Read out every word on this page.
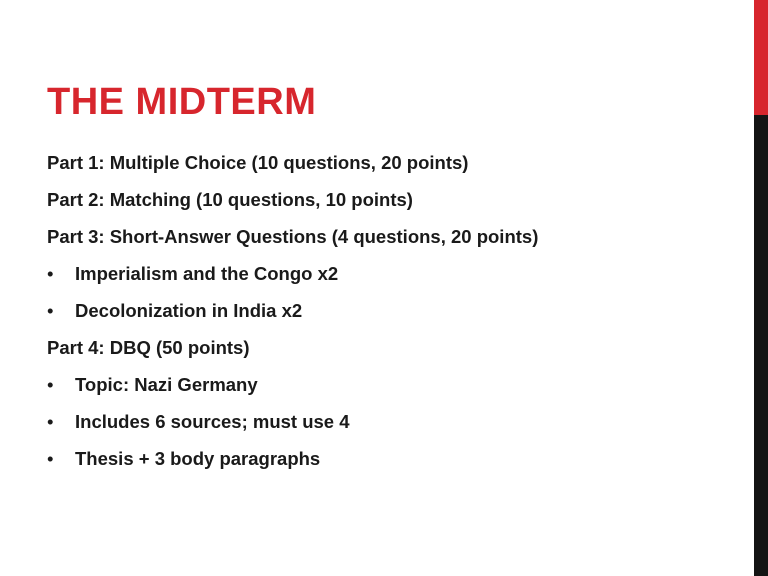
THE MIDTERM
Part 1: Multiple Choice (10 questions, 20 points)
Part 2: Matching (10 questions, 10 points)
Part 3: Short-Answer Questions (4 questions, 20 points)
• Imperialism and the Congo x2
• Decolonization in India x2
Part 4: DBQ (50 points)
• Topic: Nazi Germany
• Includes 6 sources; must use 4
• Thesis + 3 body paragraphs
